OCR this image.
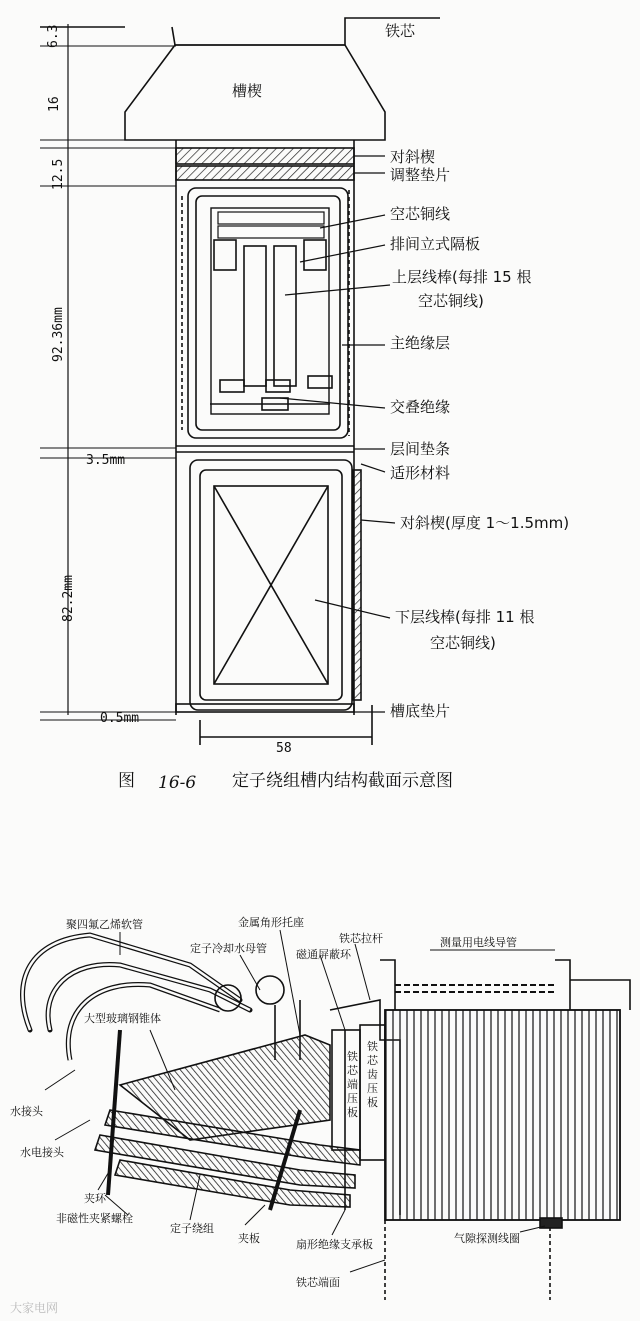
铁芯
槽楔
对斜楔
调整垫片
空芯铜线
排间立式隔板
上层线棒(每排 15 根
空芯铜线)
主绝缘层
交叠绝缘
层间垫条
适形材料
对斜楔(厚度 1～1.5mm)
下层线棒(每排 11 根
空芯铜线)
槽底垫片
6.3
16
12.5
92.36mm
3.5mm
82.2mm
0.5mm
58
图 16-6 定子绕组槽内结构截面示意图
聚四氟乙烯软管	金属角形托座
铁芯拉杆
定子冷却水母管	磁通屏蔽环
测量用电线导管
大型玻璃钢锥体
水接头
水电接头
夹环
非磁性夹紧螺栓
定子绕组
夹板	扇形绝缘支承板
铁芯端面
气隙探测线圈
铁芯端压板
铁芯齿压板
大家电网
